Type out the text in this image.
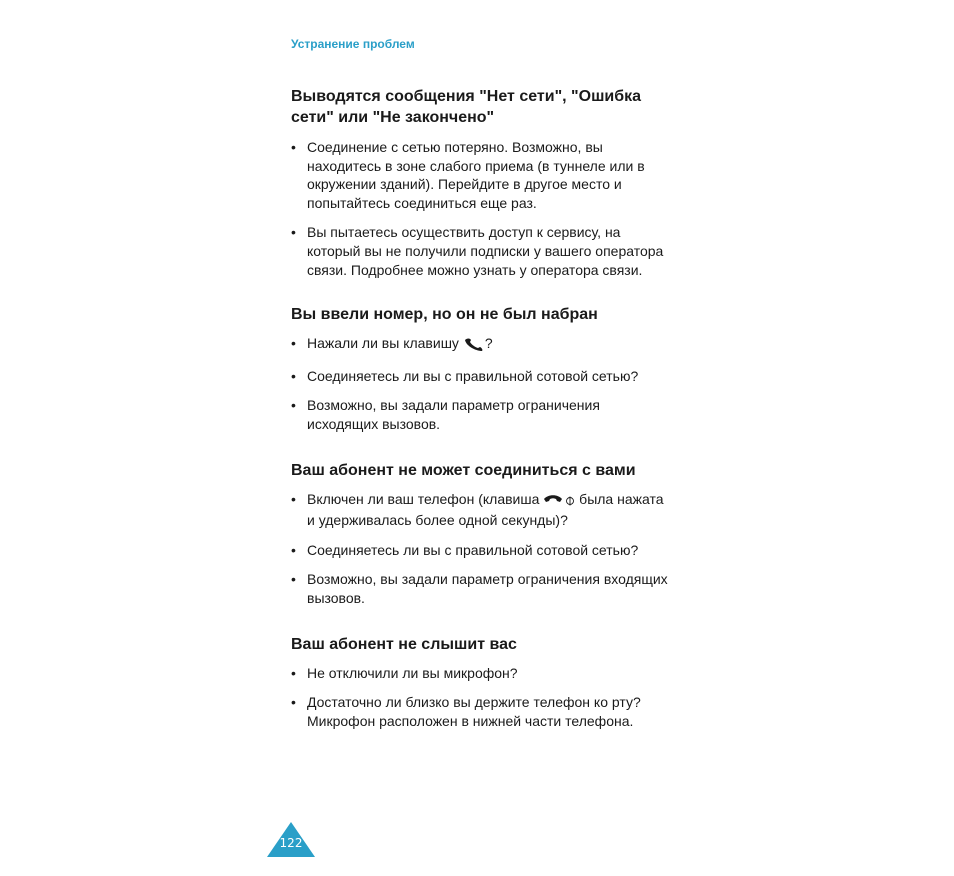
Устранение проблем
Выводятся сообщения "Нет сети", "Ошибка сети" или "Не закончено"
• Соединение с сетью потеряно. Возможно, вы находитесь в зоне слабого приема (в туннеле или в окружении зданий). Перейдите в другое место и попытайтесь соединиться еще раз.
• Вы пытаетесь осуществить доступ к сервису, на который вы не получили подписки у вашего оператора связи. Подробнее можно узнать у оператора связи.
Вы ввели номер, но он не был набран
• Нажали ли вы клавишу ?
• Соединяетесь ли вы с правильной сотовой сетью?
• Возможно, вы задали параметр ограничения исходящих вызовов.
Ваш абонент не может соединиться с вами
• Включен ли ваш телефон (клавиша  была нажата и удерживалась более одной секунды)?
• Соединяетесь ли вы с правильной сотовой сетью?
• Возможно, вы задали параметр ограничения входящих вызовов.
Ваш абонент не слышит вас
• Не отключили ли вы микрофон?
• Достаточно ли близко вы держите телефон ко рту? Микрофон расположен в нижней части телефона.
122
